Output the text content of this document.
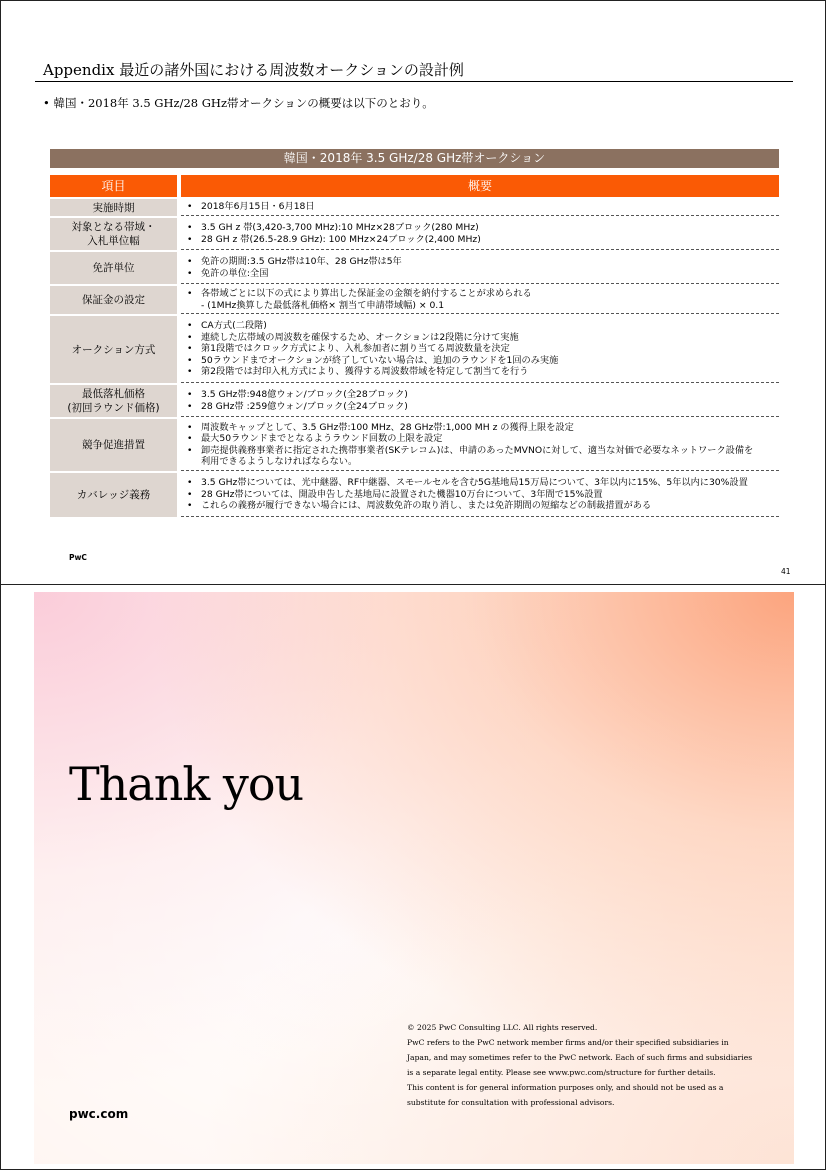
Appendix 最近の諸外国における周波数オークションの設計例
• 韓国・2018年 3.5 GHz/28 GHz帯オークションの概要は以下のとおり。
韓国・2018年 3.5 GHz/28 GHz帯オークション
項目	概要
実施時期
•	2018年6月15日・6月18日
対象となる帯域・
入札単位幅
• 3.5 GH z 帯(3,420-3,700 MHz):10 MHz×28ブロック(280 MHz)
• 28 GH z 帯(26.5-28.9 GHz): 100 MHz×24ブロック(2,400 MHz)
免許単位
• 免許の期間:3.5 GHz帯は10年、28 GHz帯は5年
• 免許の単位:全国
保証金の設定
• 各帯域ごとに以下の式により算出した保証金の金額を納付することが求められる
- (1MHz換算した最低落札価格× 割当て申請帯域幅) × 0.1
オークション方式
• CA方式(二段階)
• 連続した広帯域の周波数を確保するため、オークションは2段階に分けて実施
• 第1段階ではクロック方式により、入札参加者に割り当てる周波数量を決定
• 50ラウンドまでオークションが終了していない場合は、追加のラウンドを1回のみ実施
• 第2段階では封印入札方式により、獲得する周波数帯域を特定して割当てを行う
最低落札価格
(初回ラウンド価格)
• 3.5 GHz帯:948億ウォン/ブロック(全28ブロック)
• 28 GHz帯 :259億ウォン/ブロック(全24ブロック)
競争促進措置
• 周波数キャップとして、3.5 GHz帯:100 MHz、28 GHz帯:1,000 MH z の獲得上限を設定
• 最大50ラウンドまでとなるようラウンド回数の上限を設定
• 卸売提供義務事業者に指定された携帯事業者(SKテレコム)は、申請のあったMVNOに対して、適当な対価で必要なネットワーク設備を
利用できるようしなければならない。
カバレッジ義務
• 3.5 GHz帯については、光中継器、RF中継器、スモールセルを含む5G基地局15万局について、3年以内に15%、5年以内に30%設置
• 28 GHz帯については、開設申告した基地局に設置された機器10万台について、3年間で15%設置
• これらの義務が履行できない場合には、周波数免許の取り消し、または免許期間の短縮などの制裁措置がある
PwC
41
Thank you
© 2025 PwC Consulting LLC. All rights reserved.
PwC refers to the PwC network member firms and/or their specified subsidiaries in
Japan, and may sometimes refer to the PwC network. Each of such firms and subsidiaries
is a separate legal entity. Please see www.pwc.com/structure for further details.
This content is for general information purposes only, and should not be used as a
substitute for consultation with professional advisors.
pwc.com
